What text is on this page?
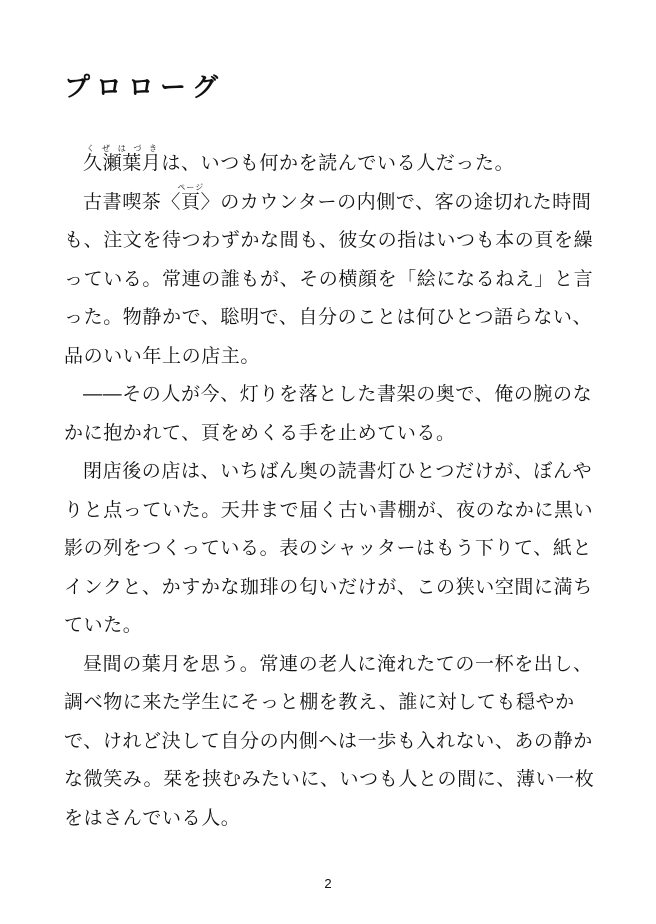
プロローグ

久瀬葉月くぜはづきは、いつも何かを読んでいる人だった。

古書喫茶〈頁ページ〉のカウンターの内側で、客の途切れた時間
も、注文を待つわずかな間も、彼女の指はいつも本の頁を繰
っている。常連の誰もが、その横顔を「絵になるねえ」と言
った。物静かで、聡明で、自分のことは何ひとつ語らない、
品のいい年上の店主。

――その人が今、灯りを落とした書架の奥で、俺の腕のな
かに抱かれて、頁をめくる手を止めている。

閉店後の店は、いちばん奥の読書灯ひとつだけが、ぼんや
りと点っていた。天井まで届く古い書棚が、夜のなかに黒い
影の列をつくっている。表のシャッターはもう下りて、紙と
インクと、かすかな珈琲の匂いだけが、この狭い空間に満ち
ていた。

昼間の葉月を思う。常連の老人に淹れたての一杯を出し、
調べ物に来た学生にそっと棚を教え、誰に対しても穏やか
で、けれど決して自分の内側へは一歩も入れない、あの静か
な微笑み。栞を挟むみたいに、いつも人との間に、薄い一枚
をはさんでいる人。

2
